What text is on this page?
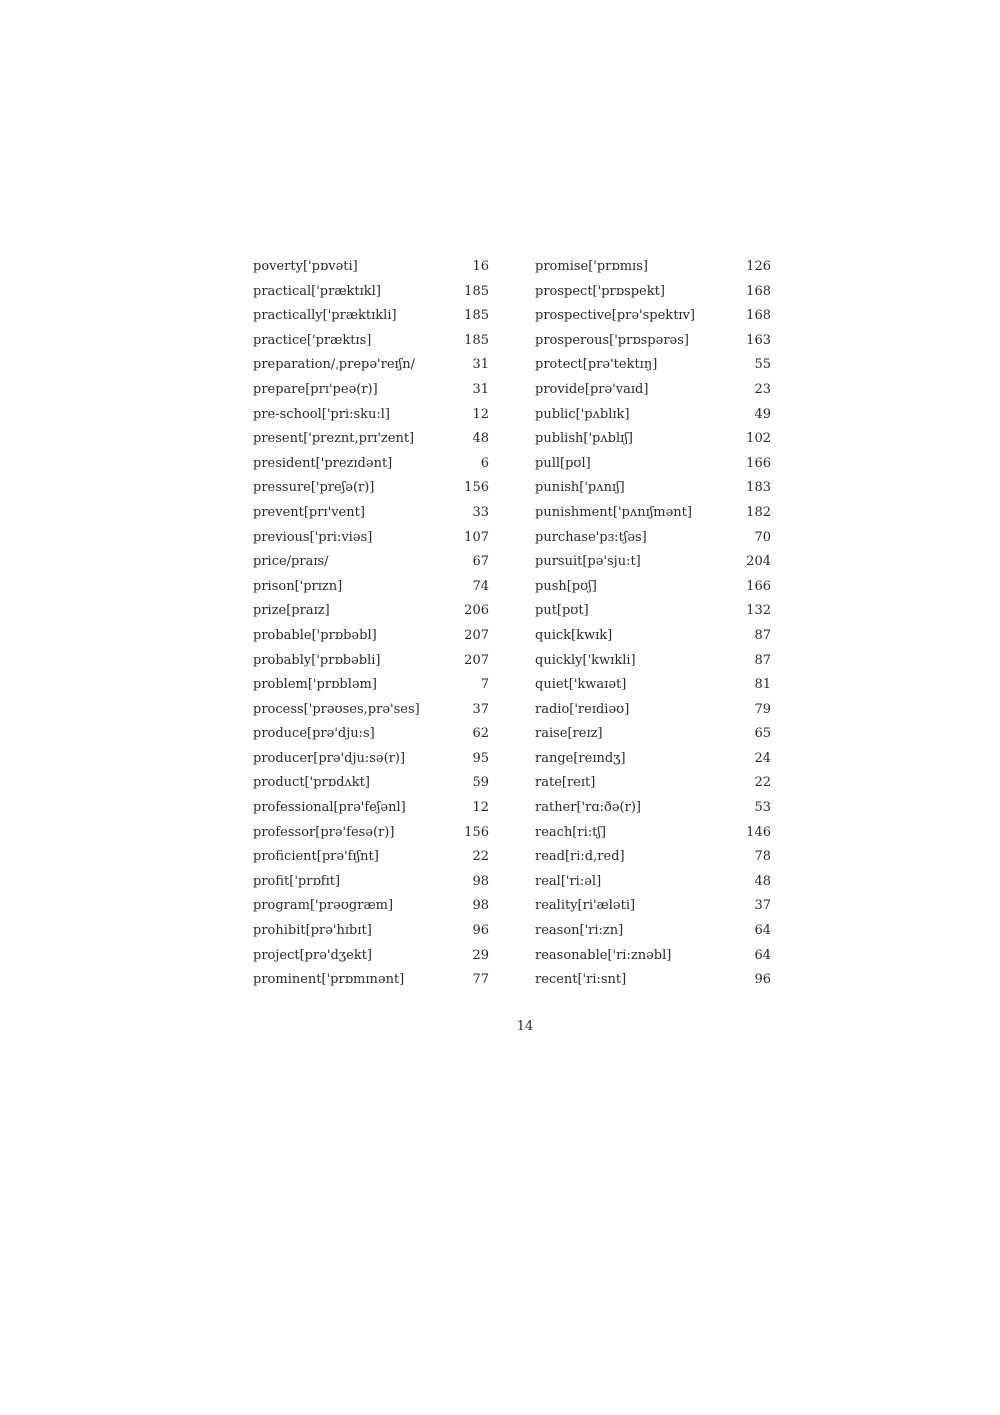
poverty['pɒvəti]	16
practical['præktɪkl]	185
practically['præktɪkli]	185
practice['præktɪs]	185
preparation/ˌprepə'reɪʃn/	31
prepare[prɪ'peə(r)]	31
pre-school['pri:sku:l]	12
present['preznt,prɪ'zent]	48
president['prezɪdənt]	6
pressure['preʃə(r)]	156
prevent[prɪ'vent]	33
previous['pri:viəs]	107
price/praɪs/	67
prison['prɪzn]	74
prize[praɪz]	206
probable['prɒbəbl]	207
probably['prɒbəbli]	207
problem['prɒbləm]	7
process['prəʊses,prə'ses]	37
produce[prə'dju:s]	62
producer[prə'dju:sə(r)]	95
product['prɒdʌkt]	59
professional[prə'feʃənl]	12
professor[prə'fesə(r)]	156
proficient[prə'fɪʃnt]	22
profit['prɒfɪt]	98
program['prəʊgræm]	98
prohibit[prə'hɪbɪt]	96
project[prə'dʒekt]	29
prominent['prɒmɪnənt]	77
promise['prɒmɪs]	126
prospect['prɒspekt]	168
prospective[prə'spektɪv]	168
prosperous['prɒspərəs]	163
protect[prə'tektɪŋ]	55
provide[prə'vaɪd]	23
public['pʌblɪk]	49
publish['pʌblɪʃ]	102
pull[pʊl]	166
punish['pʌnɪʃ]	183
punishment['pʌnɪʃmənt]	182
purchase'pɜ:tʃəs]	70
pursuit[pə'sju:t]	204
push[pʊʃ]	166
put[pʊt]	132
quick[kwɪk]	87
quickly['kwɪkli]	87
quiet['kwaɪət]	81
radio['reɪdiəʊ]	79
raise[reɪz]	65
range[reɪndʒ]	24
rate[reɪt]	22
rather['rɑ:ðə(r)]	53
reach[ri:tʃ]	146
read[ri:d,red]	78
real['ri:əl]	48
reality[ri'æləti]	37
reason['ri:zn]	64
reasonable['ri:znəbl]	64
recent['ri:snt]	96
14
